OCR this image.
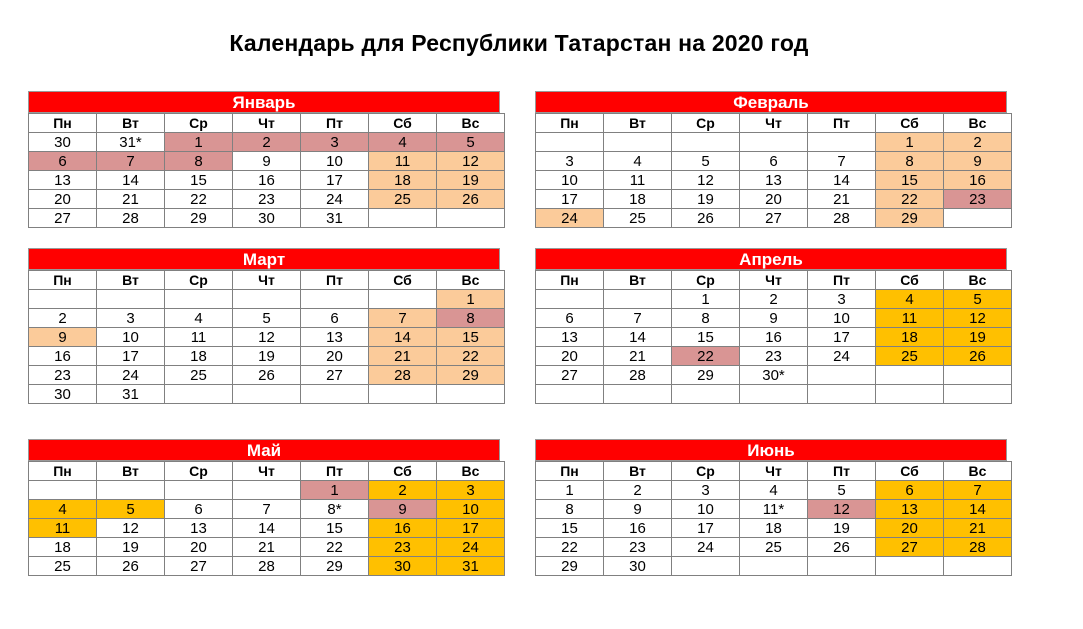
Календарь для Республики Татарстан на 2020 год
Январь
Пн	Вт	Ср	Чт	Пт	Сб	Вс
30	31*	1	2	3	4	5
6	7	8	9	10	11	12
13	14	15	16	17	18	19
20	21	22	23	24	25	26
27	28	29	30	31		
Февраль
Пн	Вт	Ср	Чт	Пт	Сб	Вс
					1	2
3	4	5	6	7	8	9
10	11	12	13	14	15	16
17	18	19	20	21	22	23
24	25	26	27	28	29	
Март
Пн	Вт	Ср	Чт	Пт	Сб	Вс
						1
2	3	4	5	6	7	8
9	10	11	12	13	14	15
16	17	18	19	20	21	22
23	24	25	26	27	28	29
30	31					
Апрель
Пн	Вт	Ср	Чт	Пт	Сб	Вс
		1	2	3	4	5
6	7	8	9	10	11	12
13	14	15	16	17	18	19
20	21	22	23	24	25	26
27	28	29	30*			

Май
Пн	Вт	Ср	Чт	Пт	Сб	Вс
				1	2	3
4	5	6	7	8*	9	10
11	12	13	14	15	16	17
18	19	20	21	22	23	24
25	26	27	28	29	30	31
Июнь
Пн	Вт	Ср	Чт	Пт	Сб	Вс
1	2	3	4	5	6	7
8	9	10	11*	12	13	14
15	16	17	18	19	20	21
22	23	24	25	26	27	28
29	30					
